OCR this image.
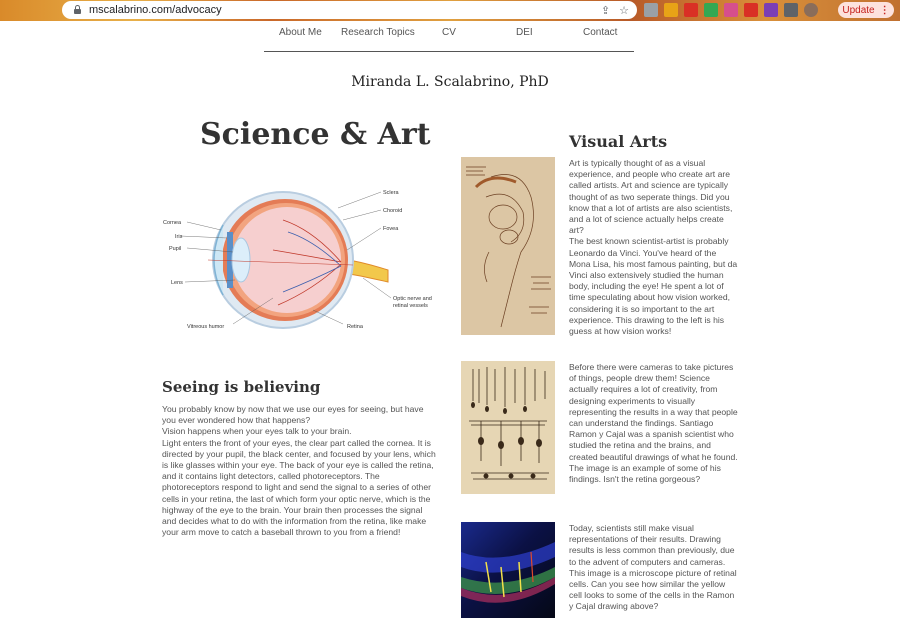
mscalabrino.com/advocacy	⇪ ☆	Update ⋮
About Me Research Topics	CV	DEI	Contact
Miranda L. Scalabrino, PhD
Science & Art
Sclera
Choroid
Fovea
Cornea
Iris
Pupil
Lens
Optic nerve and
retinal vessels
Vitreous humor	Retina
Seeing is believing
You probably know by now that we use our eyes for seeing, but have you ever wondered how that happens?
Vision happens when your eyes talk to your brain.
Light enters the front of your eyes, the clear part called the cornea. It is directed by your pupil, the black center, and focused by your lens, which is like glasses within your eye. The back of your eye is called the retina, and it contains light detectors, called photoreceptors. The photoreceptors respond to light and send the signal to a series of other cells in your retina, the last of which form your optic nerve, which is the highway of the eye to the brain. Your brain then processes the signal and decides what to do with the information from the retina, like make your arm move to catch a baseball thrown to you from a friend!
Visual Arts
Art is typically thought of as a visual experience, and people who create art are called artists. Art and science are typically thought of as two seperate things. Did you know that a lot of artists are also scientists, and a lot of science actually helps create art?
The best known scientist-artist is probably Leonardo da Vinci. You've heard of the Mona Lisa, his most famous painting, but da Vinci also extensively studied the human body, including the eye! He spent a lot of time speculating about how vision worked, considering it is so important to the art experience. This drawing to the left is his guess at how vision works!
Before there were cameras to take pictures of things, people drew them! Science actually requires a lot of creativity, from designing experiments to visually representing the results in a way that people can understand the findings. Santiago Ramon y Cajal was a spanish scientist who studied the retina and the brains, and created beautiful drawings of what he found. The image is an example of some of his findings. Isn't the retina gorgeous?
Today, scientists still make visual representations of their results. Drawing results is less common than previously, due to the advent of computers and cameras. This image is a microscope picture of retinal cells. Can you see how similar the yellow cell looks to some of the cells in the Ramon y Cajal drawing above?
